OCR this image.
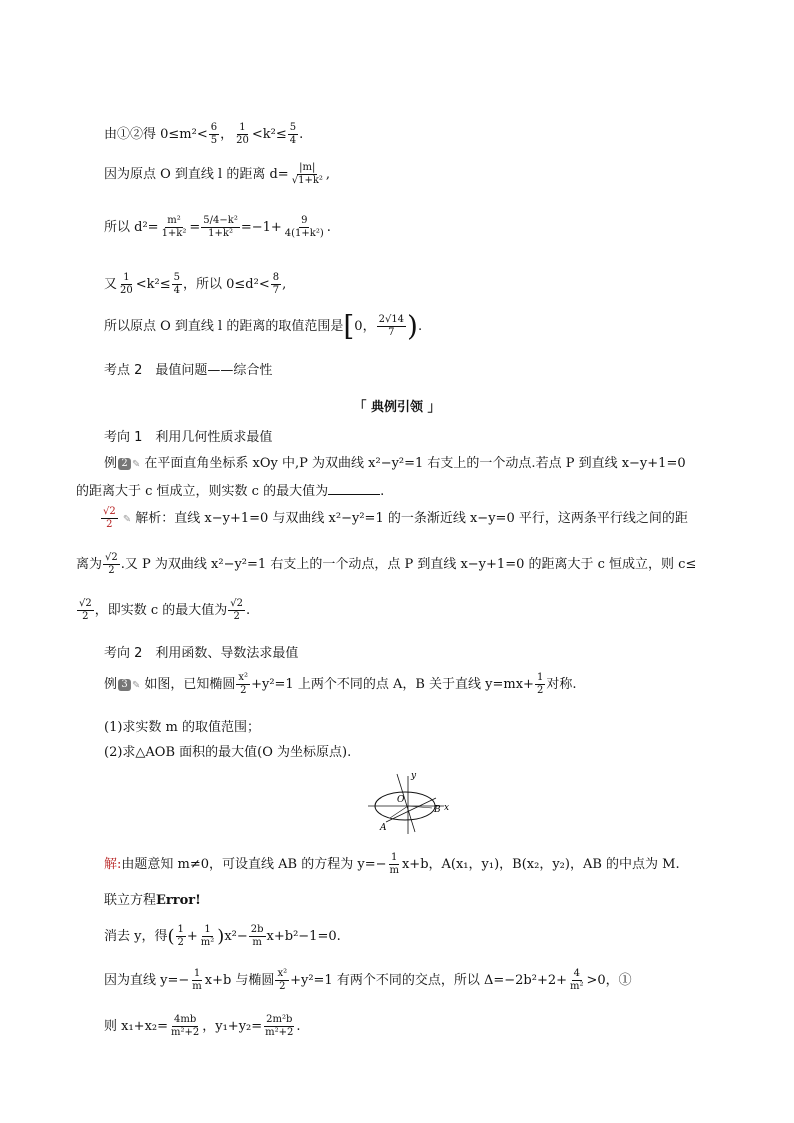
由①②得 $0\le m^2< \frac{6}{5}$ ， $\frac{1}{20} <k^2\le \frac{5}{4}$ .
因为原点 O 到直线 l 的距离 $d= \frac{|m|}{\text{√1+k²}}$ ,
所以 $d^2= \frac{\text{m²}}{\text{1+k²}} = \frac{\text{5/4−k²}}{\text{1+k²}} =-1+ \frac{9}{\text{4(1+k²)}}$ .
又 $\frac{1}{20} <k^2\le \frac{5}{4}$ ，所以 $0\le d^2< \frac{8}{7}$ ,
所以原点 O 到直线 l 的距离的取值范围是[0， $\frac{2√14}{7}$ ).
考点 2　最值问题——综合性
「 典例引领 」
考向 1　利用几何性质求最值
例 2 ✎ 在平面直角坐标系 xOy 中,P 为双曲线 x²−y²=1 右支上的一个动点.若点 P 到直线 x−y+1=0
的距离大于 c 恒成立，则实数 c 的最大值为	.
$\frac{√2}{2}$ ✎ 解析：直线 x−y+1=0 与双曲线 x²−y²=1 的一条渐近线 x−y=0 平行，这两条平行线之间的距
离为 $\frac{√2}{2}$ .又 P 为双曲线 x²−y²=1 右支上的一个动点，点 P 到直线 x−y+1=0 的距离大于 c 恒成立，则 c≤
$\frac{√2}{2}$ ，即实数 c 的最大值为 $\frac{√2}{2}$ .
考向 2　利用函数、导数法求最值
例 3 ✎ 如图，已知椭圆 $\frac{\text{x²}}{2} +y^2=1$ 上两个不同的点 A，B 关于直线 $y=mx+ \frac{1}{2}$ 对称.
(1)求实数 m 的取值范围；
(2)求△AOB 面积的最大值(O 为坐标原点).
y
O
B x
A
解:由题意知 m≠0，可设直线 AB 的方程为 $y=- \frac{1}{m} x+b$，A(x₁，y₁)，B(x₂，y₂)，AB 的中点为 M.
联立方程Error!
消去 y，得( $\frac{1}{2} + \frac{1}{\text{m²}} )x^2- \frac{2b}{m} x+b^2-1=0$.
因为直线 $y=- \frac{1}{m} x+b$ 与椭圆 $\frac{\text{x²}}{2} +y^2=1$ 有两个不同的交点，所以 $\Delta=-2b^2+2+ \frac{4}{\text{m²}} >0$，①
则 $x_1+x_2= \frac{4mb}{\text{m²+2}}$ ，$y_1+y_2= \frac{\text{2m²b}}{\text{m²+2}}$ .
